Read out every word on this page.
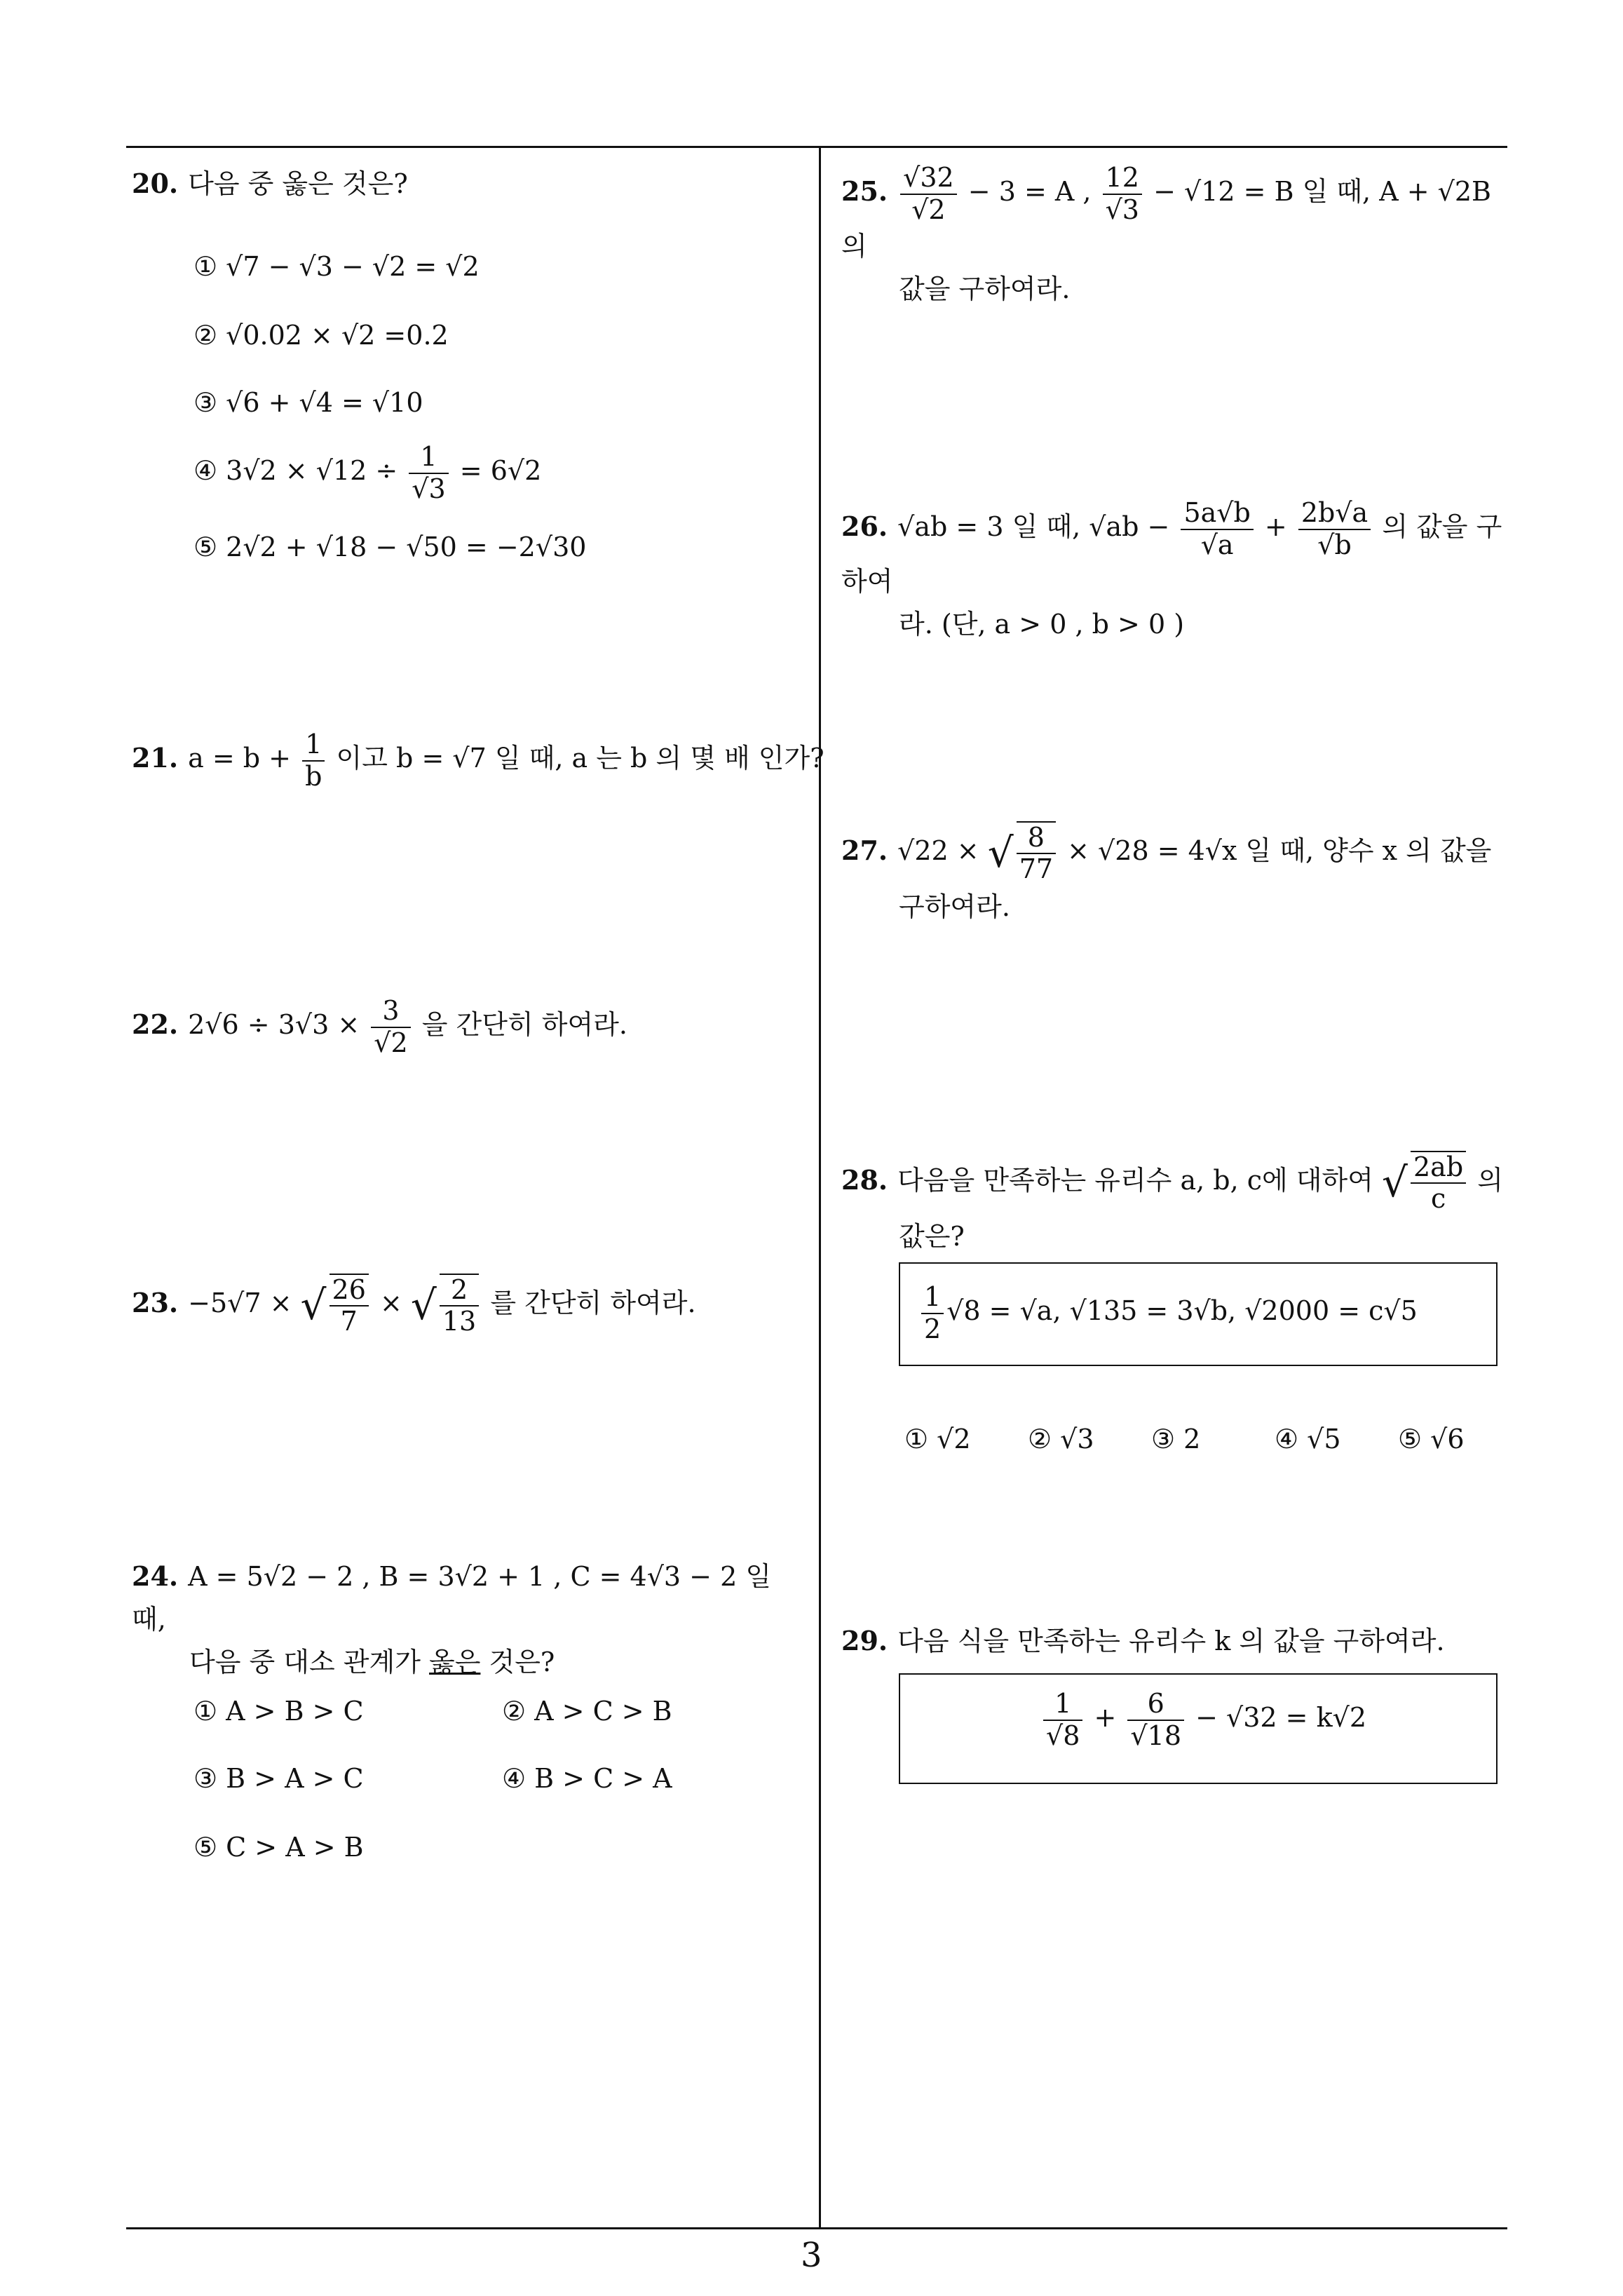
3
20. 다음 중 옳은 것은?
① √7 − √3 − √2 = √2
② √0.02 × √2 =0.2
③ √6 + √4 = √10
④ $3√2 \times √12 \div \frac{1}{√3} = 6√2$
⑤ 2√2 + √18 − √50 = −2√30
21. $a = b + \frac{1}{b}$ 이고 b = √7 일 때, a 는 b 의 몇 배 인가?
22. $2√6 \div 3√3 \times \frac{3}{√2}$ 을 간단히 하여라.
23. −5√7 × √ $\frac{26}{7}$ × √ $\frac{2}{13}$ 를 간단히 하여라.
24. A = 5√2 − 2 , B = 3√2 + 1 , C = 4√3 − 2 일 때,
다음 중 대소 관계가 옳은 것은?
① A > B > C	② A > C > B
③ B > A > C	④ B > C > A
⑤ C > A > B
25. $\frac{√32}{√2} - 3 = A$ , $\frac{12}{√3} - √12 = B$ 일 때, A + √2B 의
값을 구하여라.
26. √ab = 3 일 때, $√ab - \frac{5a√b}{√a} + \frac{2b√a}{√b}$ 의 값을 구하여
라. (단, a > 0 , b > 0 )
27. √22 × √ $\frac{8}{77} \times √28 = 4√x$ 일 때, 양수 x 의 값을
구하여라.
28. 다음을 만족하는 유리수 a, b, c에 대하여 √ $\frac{2ab}{c}$ 의
값은?
$\frac{1}{2} √8 = √a$, √135 = 3√b, √2000 = c√5
① √2 ② √3 ③ 2	④ √5 ⑤ √6
29. 다음 식을 만족하는 유리수 k 의 값을 구하여라.
$\frac{1}{√8} + \frac{6}{√18} - √32 = k√2$
